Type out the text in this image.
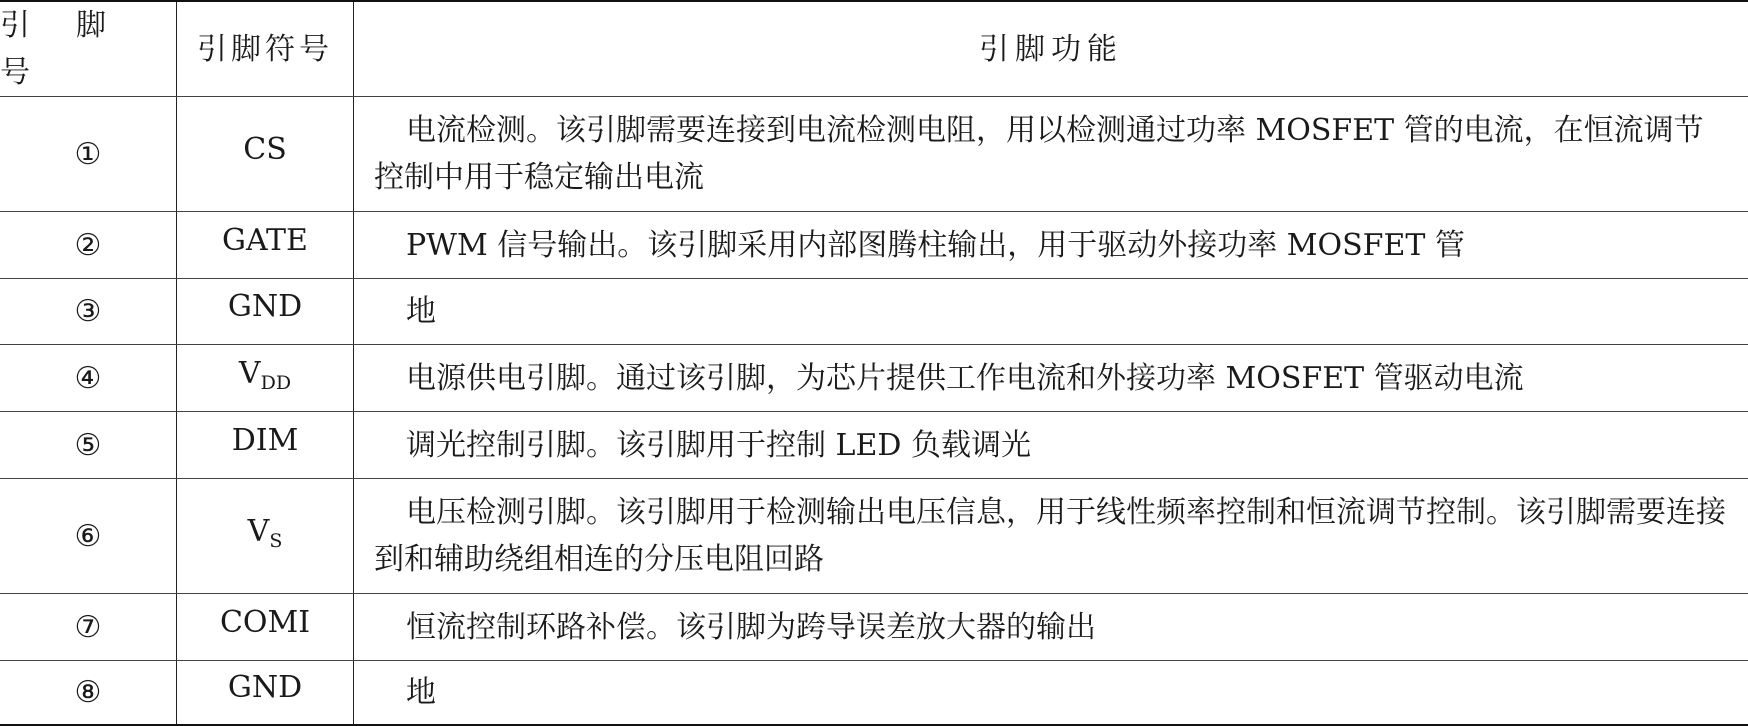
引 脚号	引脚符号	引脚功能
①	CS	电流检测。该引脚需要连接到电流检测电阻，用以检测通过功率 MOSFET 管的电流，在恒流调节控制中用于稳定输出电流

②	GATE	PWM 信号输出。该引脚采用内部图腾柱输出，用于驱动外接功率 MOSFET 管

③	GND	地

④	$V_{DD}$	电源供电引脚。通过该引脚，为芯片提供工作电流和外接功率 MOSFET 管驱动电流

⑤	DIM	调光控制引脚。该引脚用于控制 LED 负载调光

⑥	$V_S$	电压检测引脚。该引脚用于检测输出电压信息，用于线性频率控制和恒流调节控制。该引脚需要连接到和辅助绕组相连的分压电阻回路

⑦	COMI	恒流控制环路补偿。该引脚为跨导误差放大器的输出

⑧	GND	地
